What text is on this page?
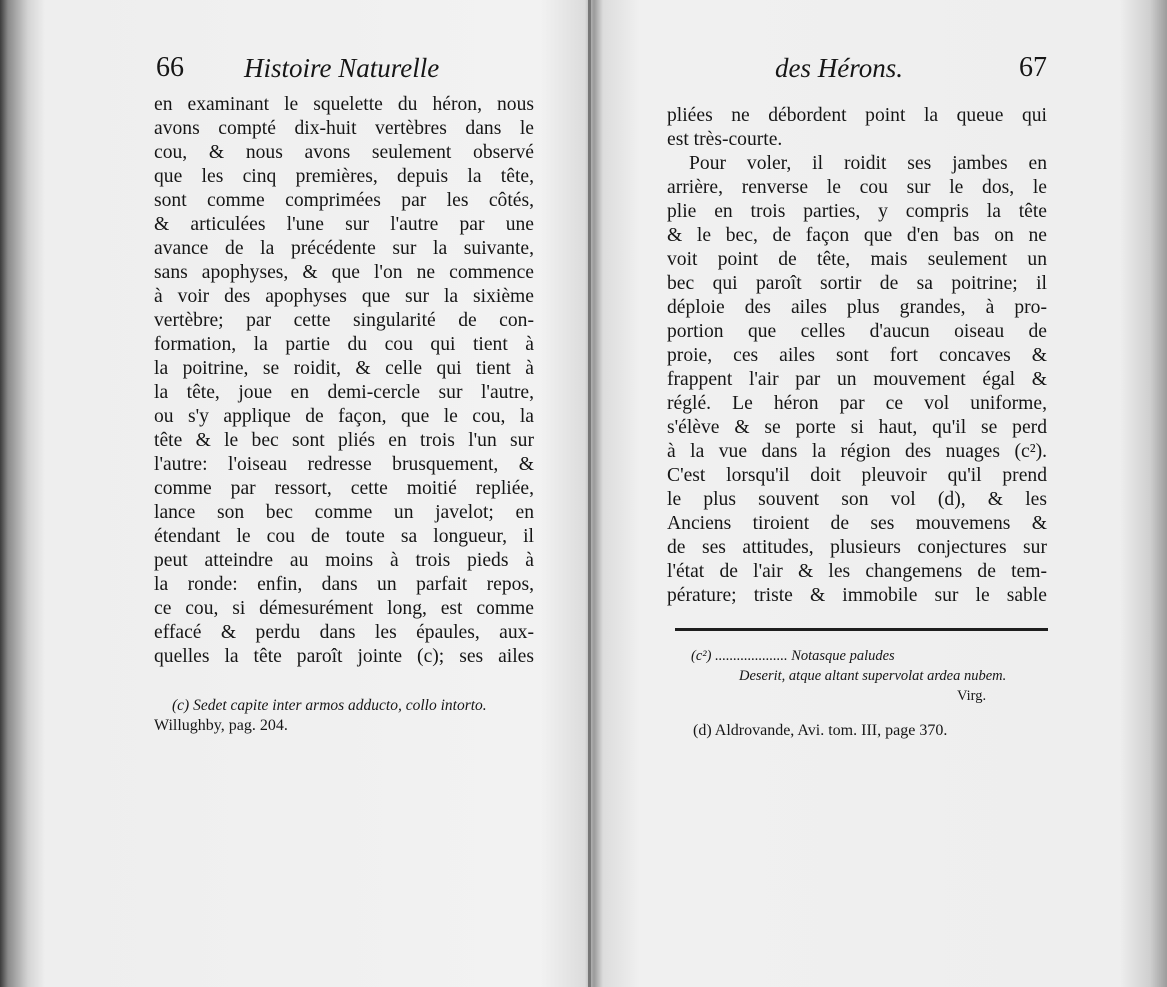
66 Histoire Naturelle
en examinant le squelette du héron, nous
avons compté dix-huit vertèbres dans le
cou, & nous avons seulement observé
que les cinq premières, depuis la tête,
sont comme comprimées par les côtés,
& articulées l'une sur l'autre par une
avance de la précédente sur la suivante,
sans apophyses, & que l'on ne commence
à voir des apophyses que sur la sixième
vertèbre; par cette singularité de con-
formation, la partie du cou qui tient à
la poitrine, se roidit, & celle qui tient à
la tête, joue en demi-cercle sur l'autre,
ou s'y applique de façon, que le cou, la
tête & le bec sont pliés en trois l'un sur
l'autre: l'oiseau redresse brusquement, &
comme par ressort, cette moitié repliée,
lance son bec comme un javelot; en
étendant le cou de toute sa longueur, il
peut atteindre au moins à trois pieds à
la ronde: enfin, dans un parfait repos,
ce cou, si démesurément long, est comme
effacé & perdu dans les épaules, aux-
quelles la tête paroît jointe (c); ses ailes
(c) Sedet capite inter armos adducto, collo intorto.
Willughby, pag. 204.
des Hérons.	67
pliées ne débordent point la queue qui
est très-courte.
Pour voler, il roidit ses jambes en
arrière, renverse le cou sur le dos, le
plie en trois parties, y compris la tête
& le bec, de façon que d'en bas on ne
voit point de tête, mais seulement un
bec qui paroît sortir de sa poitrine; il
déploie des ailes plus grandes, à pro-
portion que celles d'aucun oiseau de
proie, ces ailes sont fort concaves &
frappent l'air par un mouvement égal &
réglé. Le héron par ce vol uniforme,
s'élève & se porte si haut, qu'il se perd
à la vue dans la région des nuages (c²).
C'est lorsqu'il doit pleuvoir qu'il prend
le plus souvent son vol (d), & les
Anciens tiroient de ses mouvemens &
de ses attitudes, plusieurs conjectures sur
l'état de l'air & les changemens de tem-
pérature; triste & immobile sur le sable
(c²) .................... Notasque paludes
Deserit, atque altant supervolat ardea nubem.
Virg.
(d) Aldrovande, Avi. tom. III, page 370.
